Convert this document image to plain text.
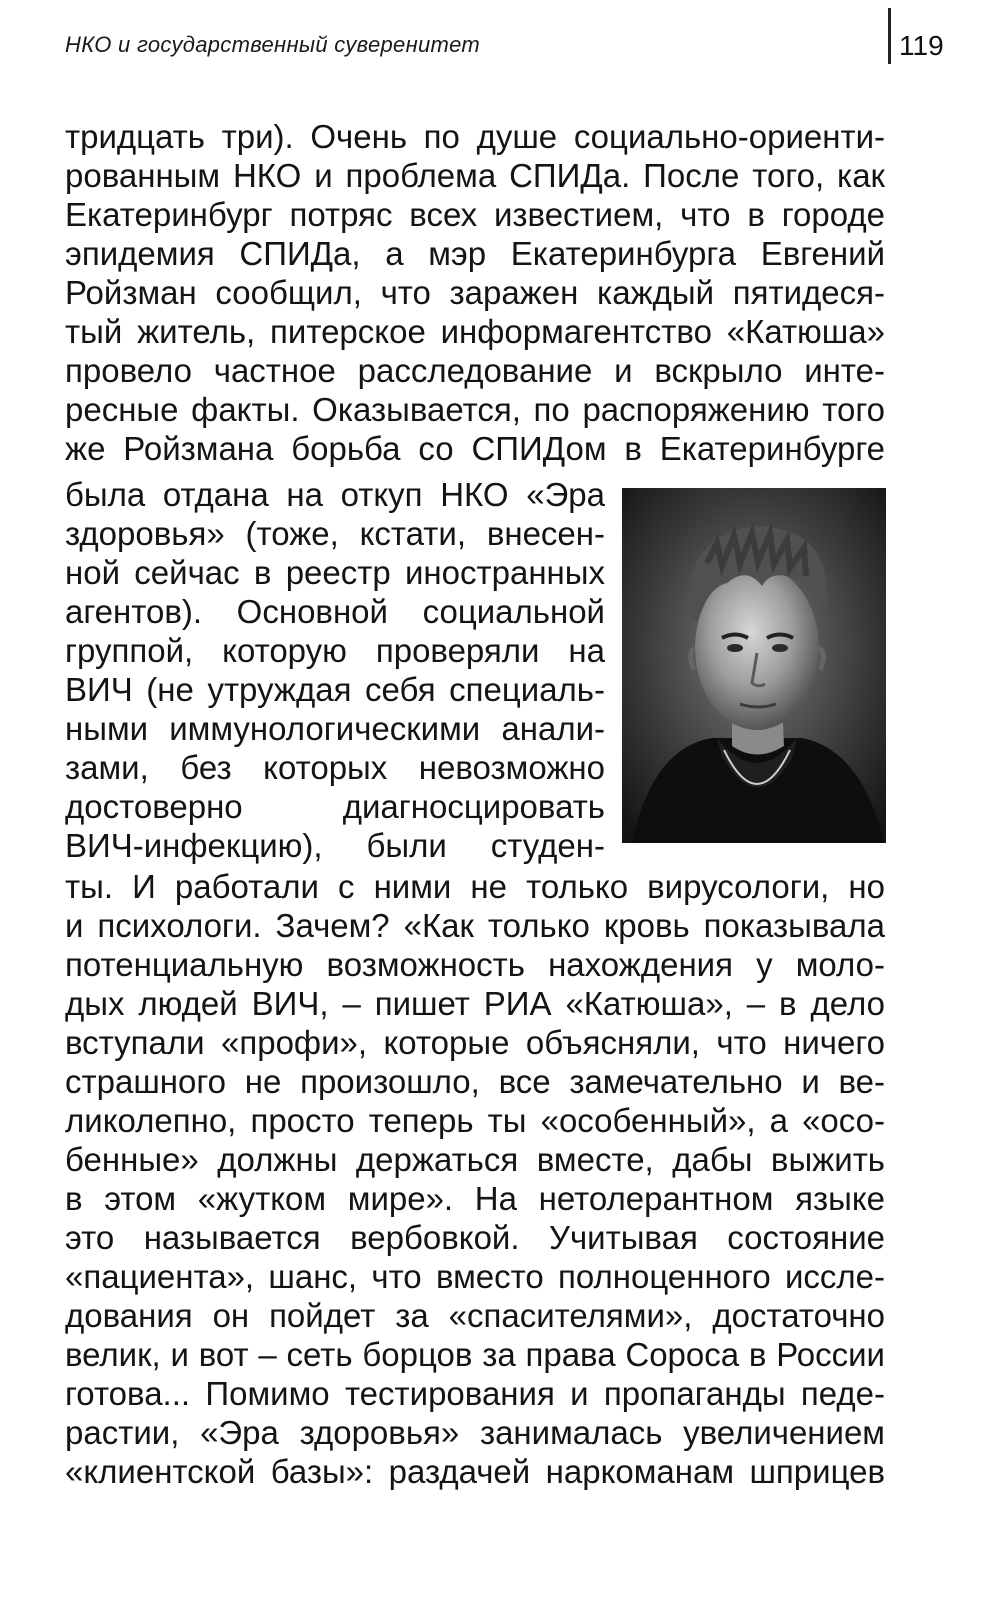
НКО и государственный суверенитет	119

тридцать три). Очень по душе социально-ориенти-

рованным НКО и проблема СПИДа. После того, как

Екатеринбург потряс всех известием, что в городе

эпидемия СПИДа, а мэр Екатеринбурга Евгений

Ройзман сообщил, что заражен каждый пятидеся-

тый житель, питерское информагентство «Катюша»

провело частное расследование и вскрыло инте-

ресные факты. Оказывается, по распоряжению того

же Ройзмана борьба со СПИДом в Екатеринбурге

была отдана на откуп НКО «Эра

здоровья» (тоже, кстати, внесен-

ной сейчас в реестр иностранных

агентов). Основной социальной

группой, которую проверяли на

ВИЧ (не утруждая себя специаль-

ными иммунологическими анали-

зами, без которых невозможно

достоверно диагносцировать

ВИЧ-инфекцию), были студен-

ты. И работали с ними не только вирусологи, но

и психологи. Зачем? «Как только кровь показывала

потенциальную возможность нахождения у моло-

дых людей ВИЧ, – пишет РИА «Катюша», – в дело

вступали «профи», которые объясняли, что ничего

страшного не произошло, все замечательно и ве-

ликолепно, просто теперь ты «особенный», а «осо-

бенные» должны держаться вместе, дабы выжить

в этом «жутком мире». На нетолерантном языке

это называется вербовкой. Учитывая состояние

«пациента», шанс, что вместо полноценного иссле-

дования он пойдет за «спасителями», достаточно

велик, и вот – сеть борцов за права Сороса в России

готова... Помимо тестирования и пропаганды педе-

растии, «Эра здоровья» занималась увеличением

«клиентской базы»: раздачей наркоманам шприцев
